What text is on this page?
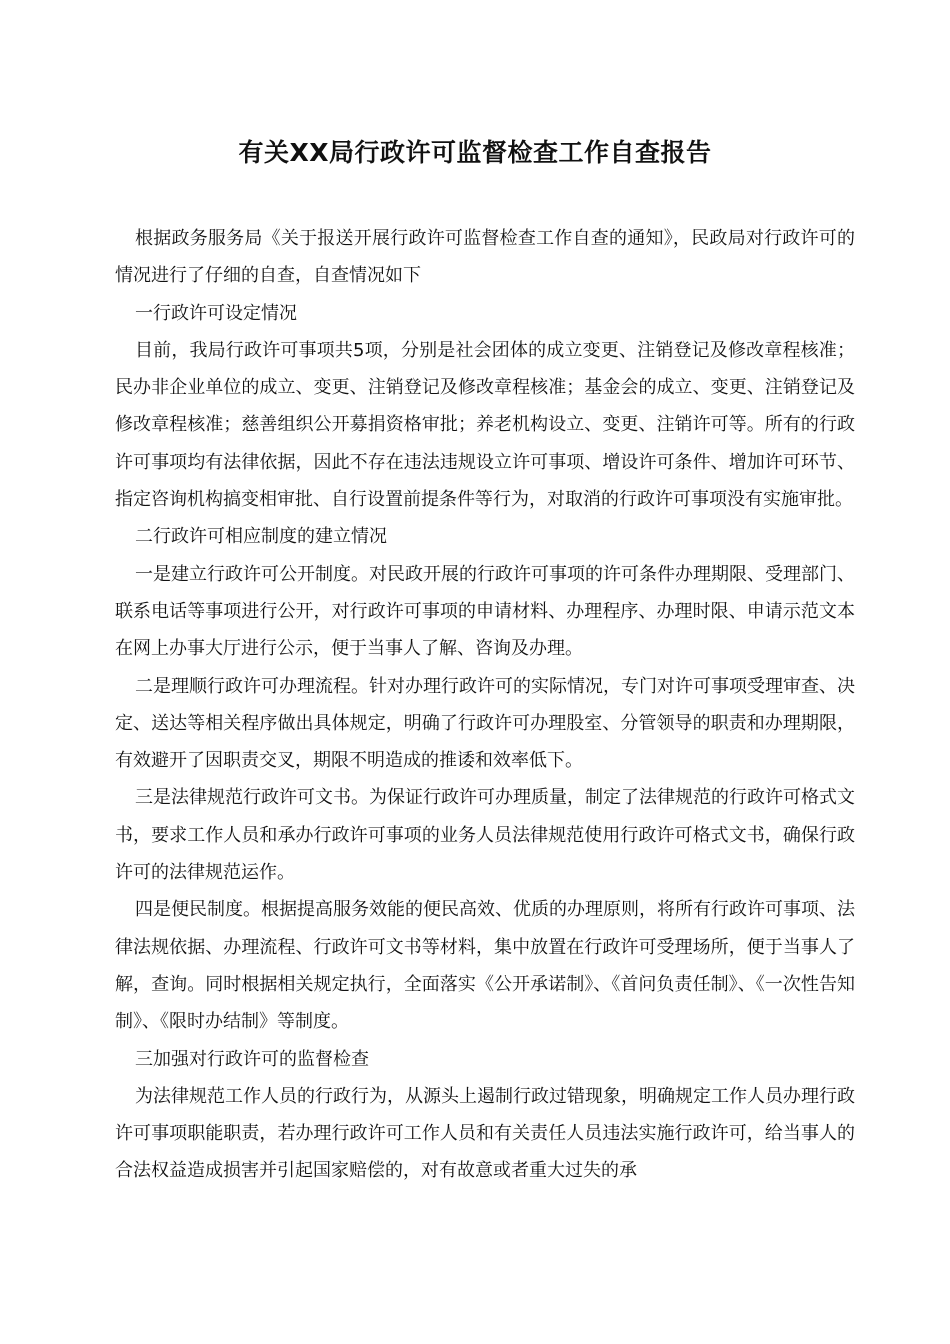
有关XX局行政许可监督检查工作自查报告

根据政务服务局《关于报送开展行政许可监督检查工作自查的通知》，民政局对行政许可的情况进行了仔细的自查，自查情况如下

一行政许可设定情况

目前，我局行政许可事项共5项，分别是社会团体的成立变更、注销登记及修改章程核准；民办非企业单位的成立、变更、注销登记及修改章程核准；基金会的成立、变更、注销登记及修改章程核准；慈善组织公开募捐资格审批；养老机构设立、变更、注销许可等。所有的行政许可事项均有法律依据，因此不存在违法违规设立许可事项、增设许可条件、增加许可环节、指定咨询机构搞变相审批、自行设置前提条件等行为，对取消的行政许可事项没有实施审批。

二行政许可相应制度的建立情况

一是建立行政许可公开制度。对民政开展的行政许可事项的许可条件办理期限、受理部门、联系电话等事项进行公开，对行政许可事项的申请材料、办理程序、办理时限、申请示范文本在网上办事大厅进行公示，便于当事人了解、咨询及办理。

二是理顺行政许可办理流程。针对办理行政许可的实际情况，专门对许可事项受理审查、决定、送达等相关程序做出具体规定，明确了行政许可办理股室、分管领导的职责和办理期限，有效避开了因职责交叉，期限不明造成的推诿和效率低下。

三是法律规范行政许可文书。为保证行政许可办理质量，制定了法律规范的行政许可格式文书，要求工作人员和承办行政许可事项的业务人员法律规范使用行政许可格式文书，确保行政许可的法律规范运作。

四是便民制度。根据提高服务效能的便民高效、优质的办理原则，将所有行政许可事项、法律法规依据、办理流程、行政许可文书等材料，集中放置在行政许可受理场所，便于当事人了解，查询。同时根据相关规定执行，全面落实《公开承诺制》、《首问负责任制》、《一次性告知制》、《限时办结制》等制度。

三加强对行政许可的监督检查

为法律规范工作人员的行政行为，从源头上遏制行政过错现象，明确规定工作人员办理行政许可事项职能职责，若办理行政许可工作人员和有关责任人员违法实施行政许可，给当事人的合法权益造成损害并引起国家赔偿的，对有故意或者重大过失的承
